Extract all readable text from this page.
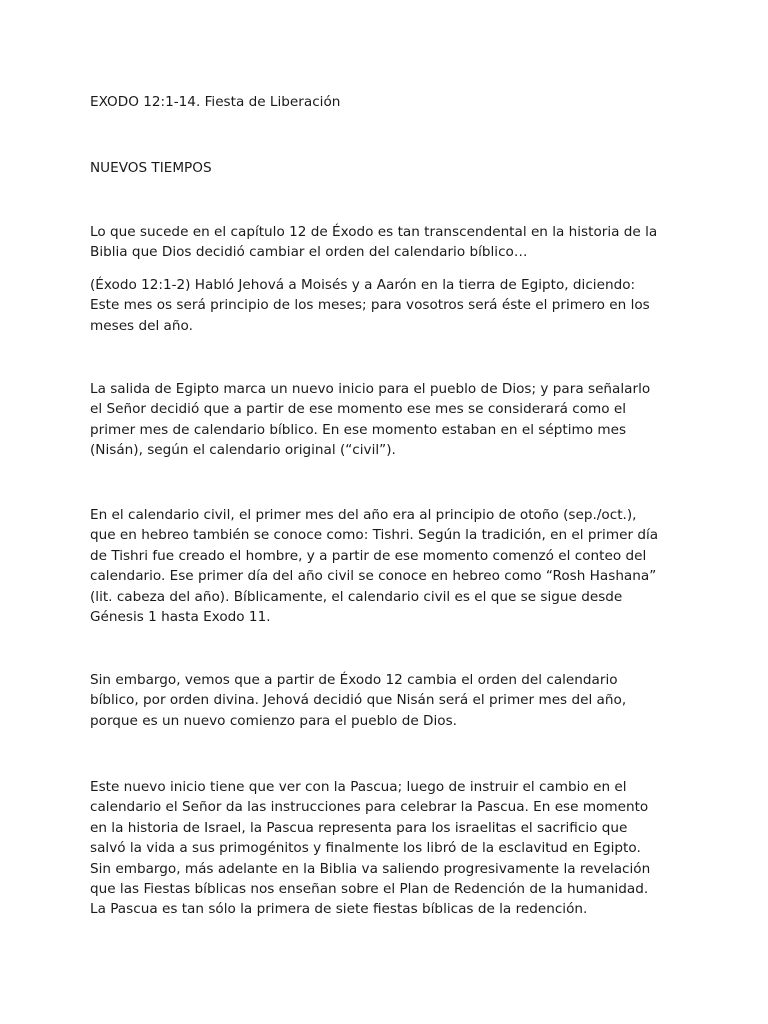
EXODO 12:1-14. Fiesta de Liberación

NUEVOS TIEMPOS

Lo que sucede en el capítulo 12 de Éxodo es tan transcendental en la historia de la
Biblia que Dios decidió cambiar el orden del calendario bíblico…

(Éxodo 12:1-2) Habló Jehová a Moisés y a Aarón en la tierra de Egipto, diciendo:
Este mes os será principio de los meses; para vosotros será éste el primero en los
meses del año.

La salida de Egipto marca un nuevo inicio para el pueblo de Dios; y para señalarlo
el Señor decidió que a partir de ese momento ese mes se considerará como el
primer mes de calendario bíblico. En ese momento estaban en el séptimo mes
(Nisán), según el calendario original (“civil”).

En el calendario civil, el primer mes del año era al principio de otoño (sep./oct.),
que en hebreo también se conoce como: Tishri. Según la tradición, en el primer día
de Tishri fue creado el hombre, y a partir de ese momento comenzó el conteo del
calendario. Ese primer día del año civil se conoce en hebreo como “Rosh Hashana”
(lit. cabeza del año). Bíblicamente, el calendario civil es el que se sigue desde
Génesis 1 hasta Exodo 11.

Sin embargo, vemos que a partir de Éxodo 12 cambia el orden del calendario
bíblico, por orden divina. Jehová decidió que Nisán será el primer mes del año,
porque es un nuevo comienzo para el pueblo de Dios.

Este nuevo inicio tiene que ver con la Pascua; luego de instruir el cambio en el
calendario el Señor da las instrucciones para celebrar la Pascua. En ese momento
en la historia de Israel, la Pascua representa para los israelitas el sacrificio que
salvó la vida a sus primogénitos y finalmente los libró de la esclavitud en Egipto.
Sin embargo, más adelante en la Biblia va saliendo progresivamente la revelación
que las Fiestas bíblicas nos enseñan sobre el Plan de Redención de la humanidad.
La Pascua es tan sólo la primera de siete fiestas bíblicas de la redención.
